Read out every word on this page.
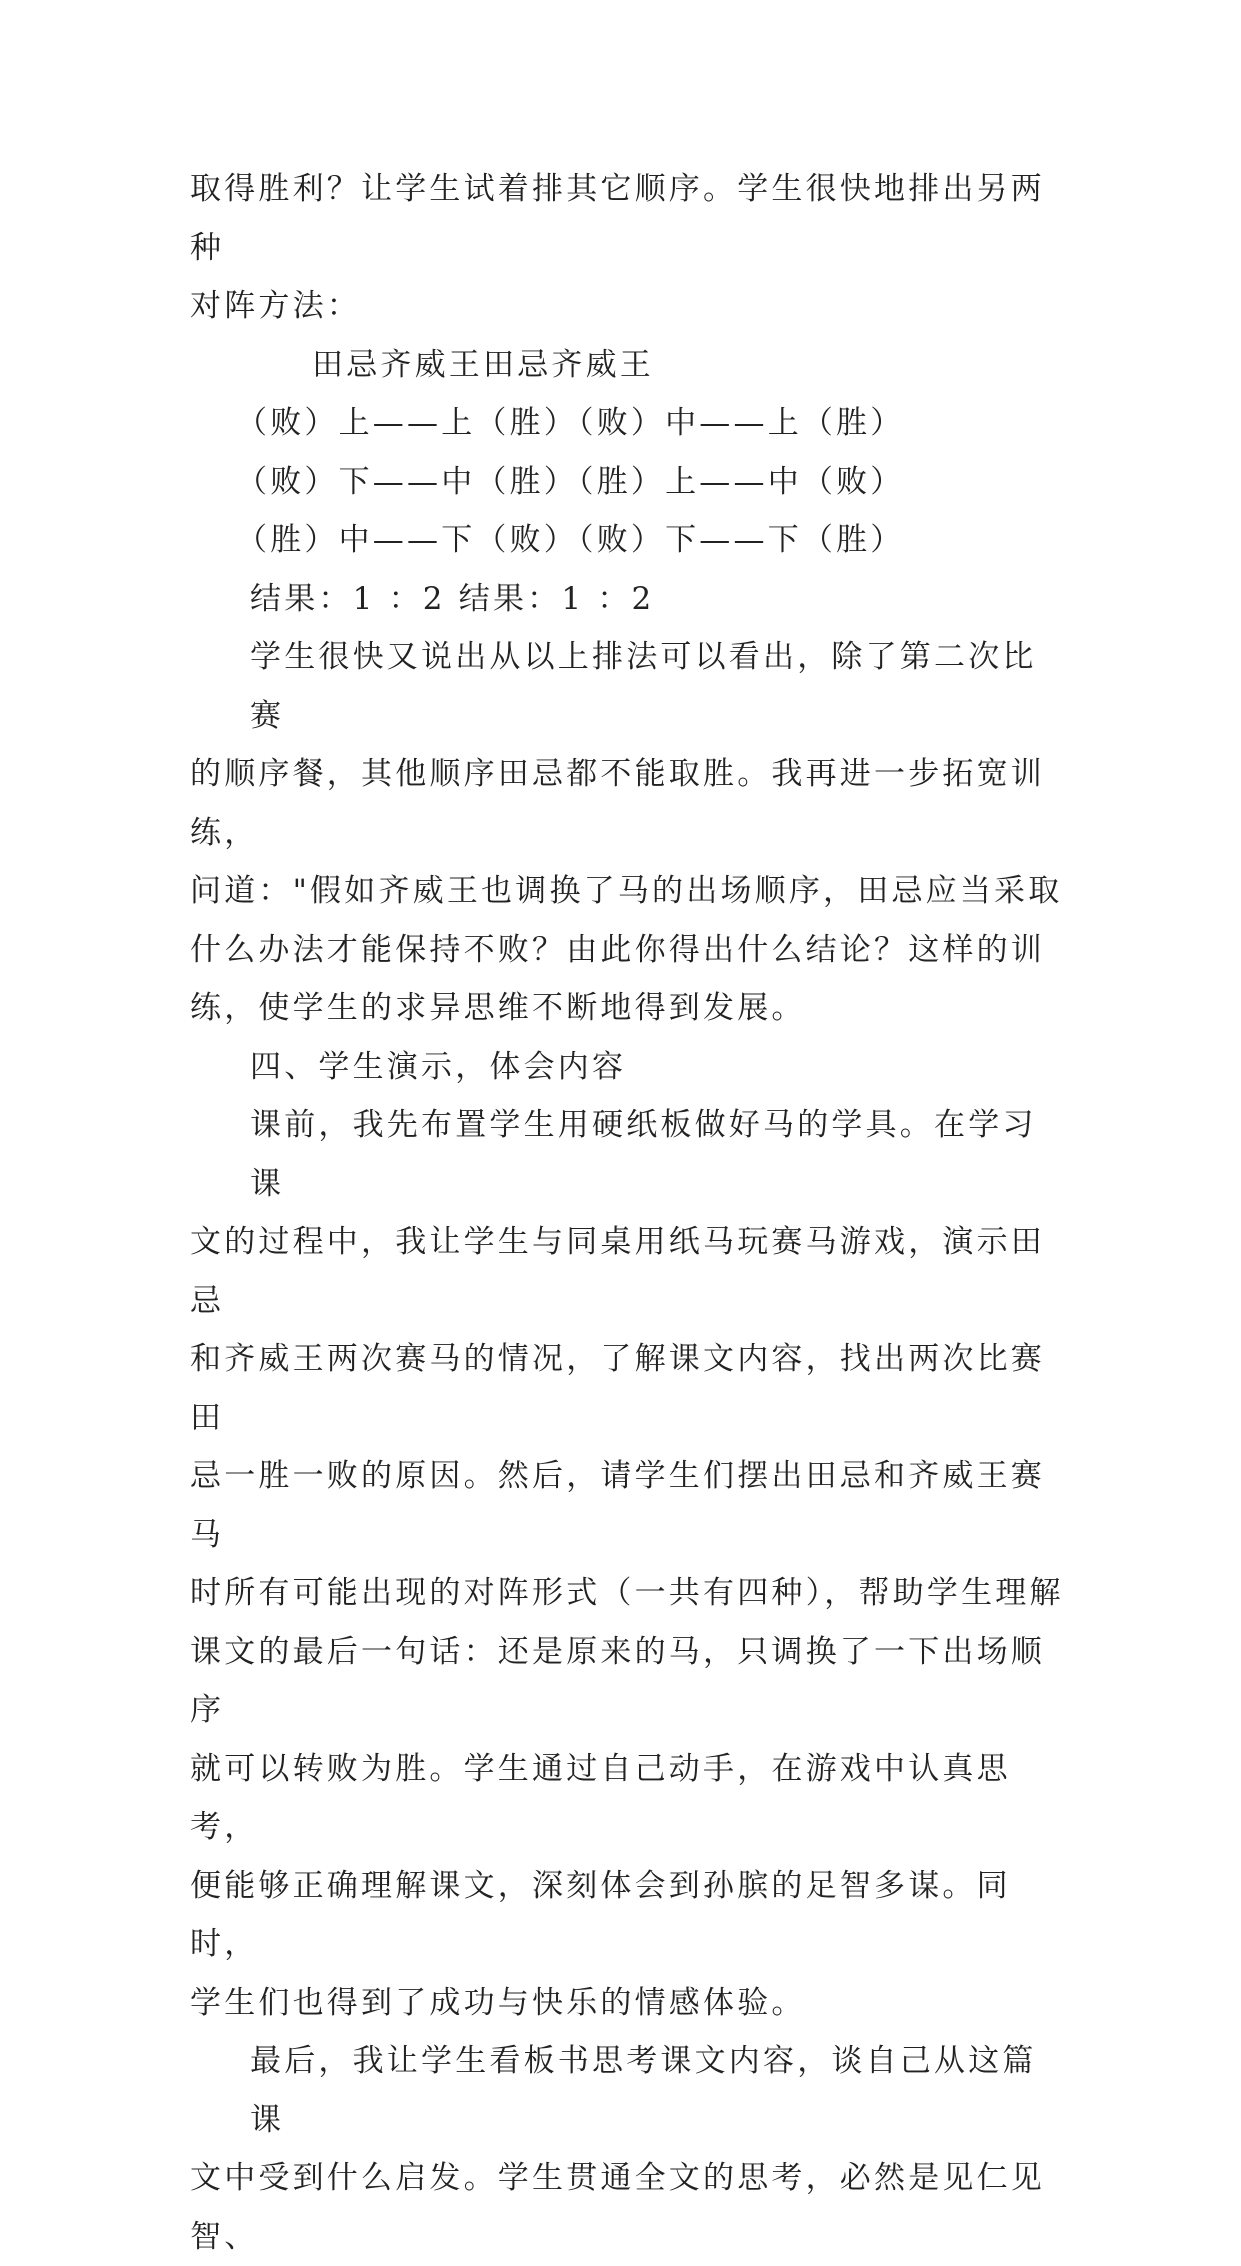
取得胜利？让学生试着排其它顺序。学生很快地排出另两种
对阵方法：
田忌齐威王田忌齐威王
（败）上——上（胜）（败）中——上（胜）
（败）下——中（胜）（胜）上——中（败）
（胜）中——下（败）（败）下——下（胜）
结果：1 ：2 结果：1 ：2
学生很快又说出从以上排法可以看出，除了第二次比赛
的顺序餐，其他顺序田忌都不能取胜。我再进一步拓宽训练，
问道："假如齐威王也调换了马的出场顺序，田忌应当采取
什么办法才能保持不败？由此你得出什么结论？这样的训
练，使学生的求异思维不断地得到发展。
四、学生演示，体会内容
课前，我先布置学生用硬纸板做好马的学具。在学习课
文的过程中，我让学生与同桌用纸马玩赛马游戏，演示田忌
和齐威王两次赛马的情况，了解课文内容，找出两次比赛田
忌一胜一败的原因。然后，请学生们摆出田忌和齐威王赛马
时所有可能出现的对阵形式（一共有四种），帮助学生理解
课文的最后一句话：还是原来的马，只调换了一下出场顺序
就可以转败为胜。学生通过自己动手，在游戏中认真思考，
便能够正确理解课文，深刻体会到孙膑的足智多谋。同时，
学生们也得到了成功与快乐的情感体验。
最后，我让学生看板书思考课文内容，谈自己从这篇课
文中受到什么启发。学生贯通全文的思考，必然是见仁见智、
